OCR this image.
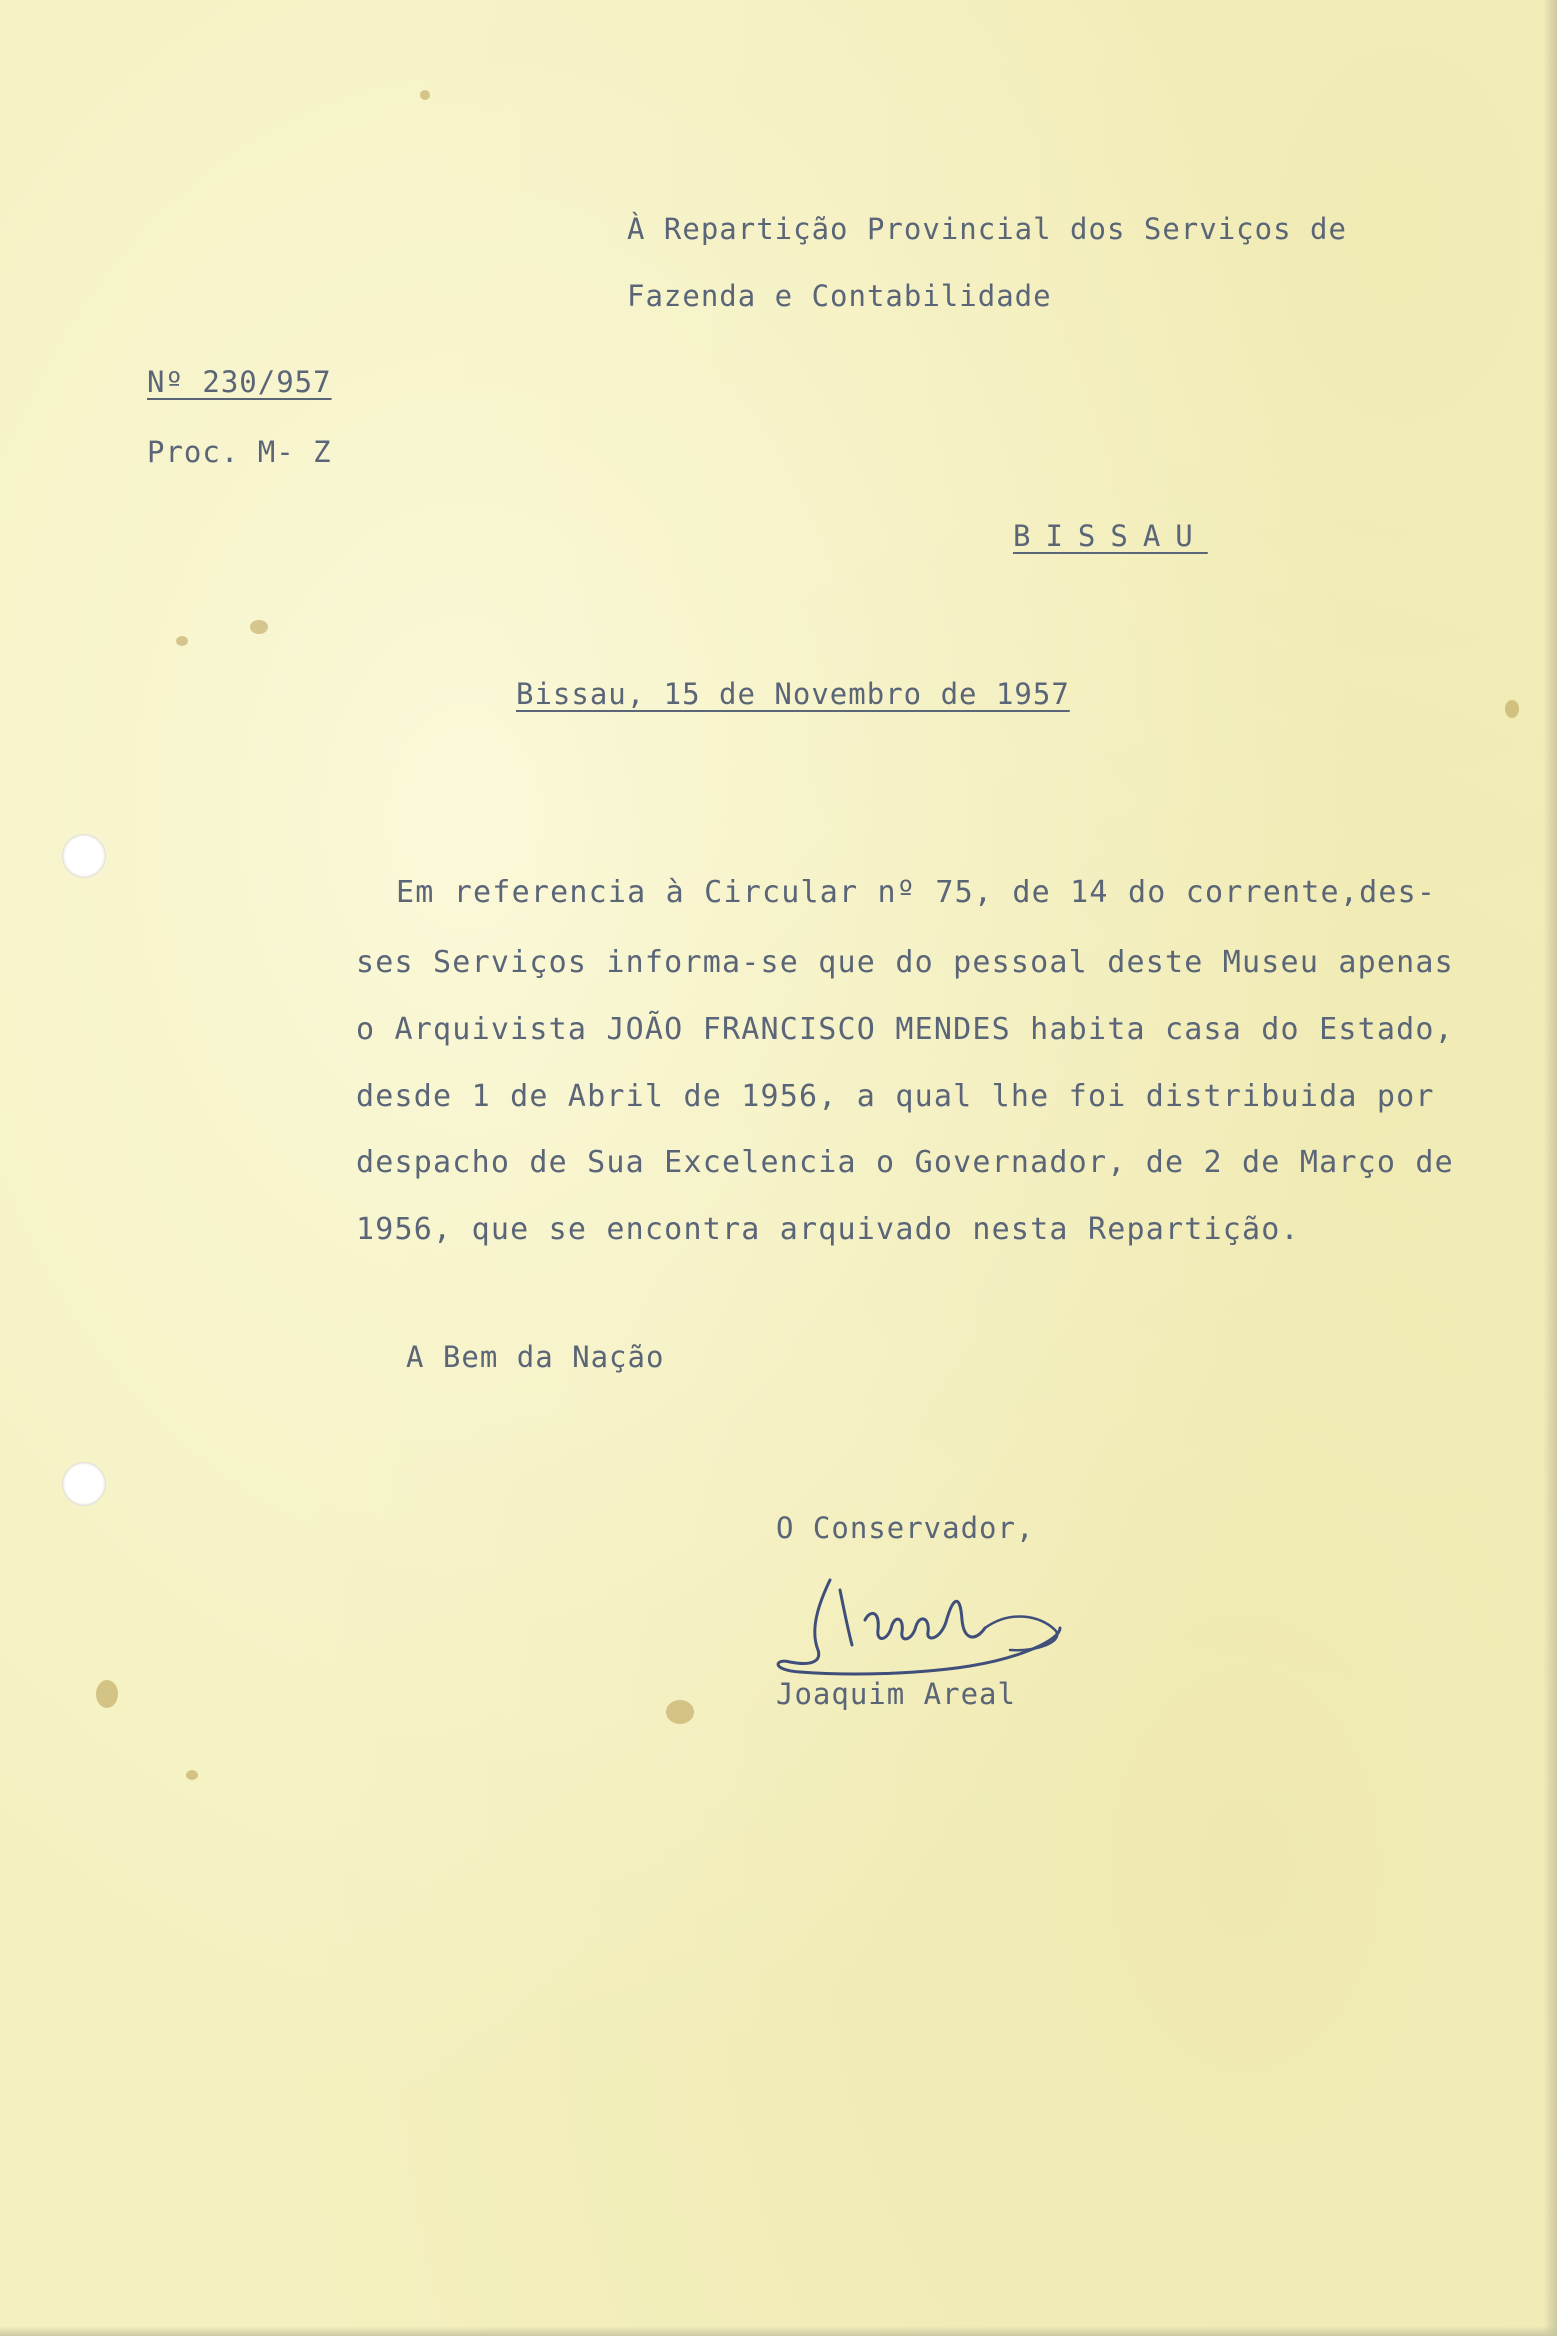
À Repartição Provincial dos Serviços de
Fazenda e Contabilidade
Nº 230/957
Proc. M- Z
BISSAU
Bissau, 15 de Novembro de 1957
Em referencia à Circular nº 75, de 14 do corrente,des-
ses Serviços informa-se que do pessoal deste Museu apenas
o Arquivista JOÃO FRANCISCO MENDES habita casa do Estado,
desde 1 de Abril de 1956, a qual lhe foi distribuida por
despacho de Sua Excelencia o Governador, de 2 de Março de
1956, que se encontra arquivado nesta Repartição.
A Bem da Nação
O Conservador,
Joaquim Areal
